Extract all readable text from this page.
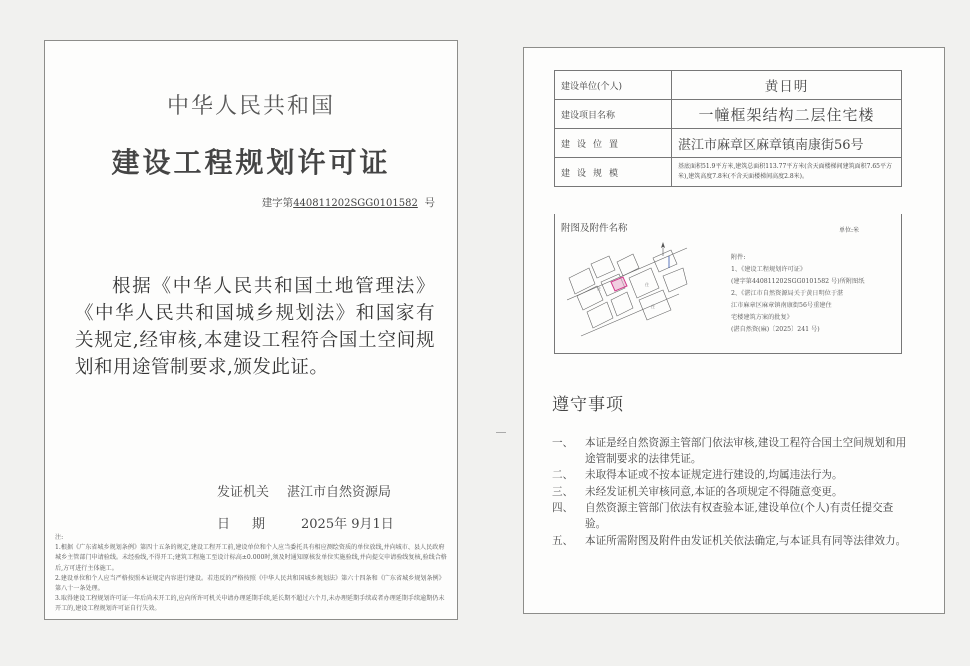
中华人民共和国
建设工程规划许可证
建字第440811202SGG0101582 号
根据《中华人民共和国土地管理法》《中华人民共和国城乡规划法》和国家有关规定,经审核,本建设工程符合国土空间规划和用途管制要求,颁发此证。
发证机关 湛江市自然资源局
日期 2025年 9月1日

注:

1.根据《广东省城乡规划条例》第四十五条的规定,建设工程开工前,建设单位和个人应当委托具有相应测绘资质的单位放线,并向城市、县人民政府城乡主管部门申请验线。未经验线,不得开工;建筑工程施工至设计标高±0.000时,须及时通知原核发单位实施验线,并向提交申请验线复核,验线合格后,方可进行主体施工。

2.建设单位和个人应当严格按照本证规定内容进行建设。若违反的严格按照《中华人民共和国城乡规划法》第六十四条和《广东省城乡规划条例》第八十一条处理。

3.取得建设工程规划许可证一年后尚未开工的,应向所许可机关申请办理延期手续,延长期不超过六个月,未办理延期手续或者办理延期手续逾期仍未开工的,建设工程规划许可证自行失效。

建设单位(个人)	黄日明
建设项目名称	一幢框架结构二层住宅楼
建设位置	湛江市麻章区麻章镇南康街56号
建设规模	基底面积51.9平方米,建筑总面积113.77平方米(含天面楼梯间建筑面积7.65平方米),建筑高度7.8米(不含天面楼梯间高度2.8米)。
附图及附件名称	单位:米
住
住
住

附件:

1、《建设工程规划许可证》

(建字第440811202SGG0101582 号)所附图纸

2、《湛江市自然资源局关于黄日明位于湛

江市麻章区麻章镇南康街56号重建住

宅楼建筑方案的批复》

(湛自然资(麻)〔2025〕241 号)

遵守事项
一、 本证是经自然资源主管部门依法审核,建设工程符合国土空间规划和用途管制要求的法律凭证。
二、 未取得本证或不按本证规定进行建设的,均属违法行为。
三、 未经发证机关审核同意,本证的各项规定不得随意变更。
四、 自然资源主管部门依法有权查验本证,建设单位(个人)有责任提交查验。
五、 本证所需附图及附件由发证机关依法确定,与本证具有同等法律效力。
